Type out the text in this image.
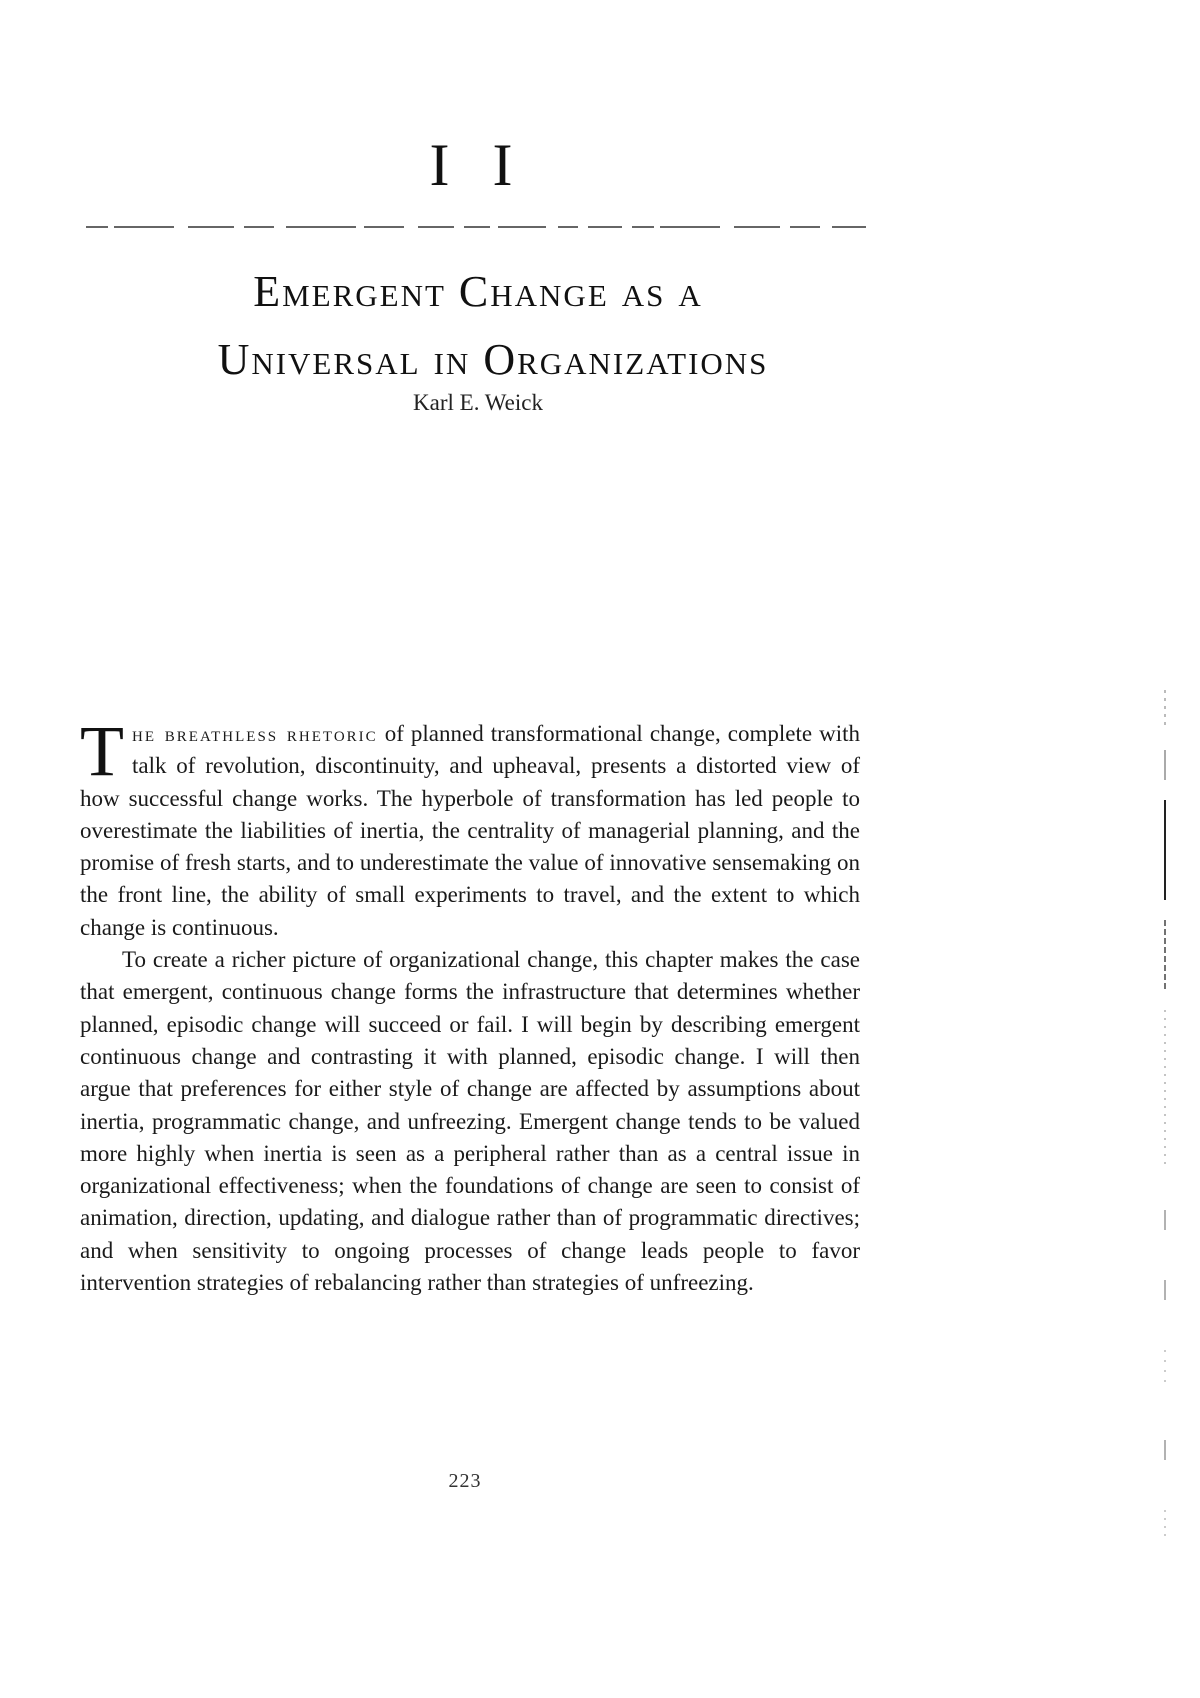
I I
Emergent Change as a
Universal in Organizations
Karl E. Weick

The breathless rhetoric of planned transformational change, complete with talk of revolution, discontinuity, and upheaval, presents a distorted view of how successful change works. The hyperbole of transformation has led people to overestimate the liabilities of inertia, the centrality of managerial planning, and the promise of fresh starts, and to underestimate the value of innovative sensemaking on the front line, the ability of small experiments to travel, and the extent to which change is continuous.

To create a richer picture of organizational change, this chapter makes the case that emergent, continuous change forms the infrastructure that determines whether planned, episodic change will succeed or fail. I will begin by describing emergent continuous change and contrasting it with planned, episodic change. I will then argue that preferences for either style of change are affected by assumptions about inertia, programmatic change, and unfreezing. Emergent change tends to be valued more highly when inertia is seen as a peripheral rather than as a central issue in organizational effectiveness; when the foundations of change are seen to consist of animation, direction, updating, and dialogue rather than of programmatic directives; and when sensitivity to ongoing processes of change leads people to favor intervention strategies of rebalancing rather than strategies of unfreezing.

223
